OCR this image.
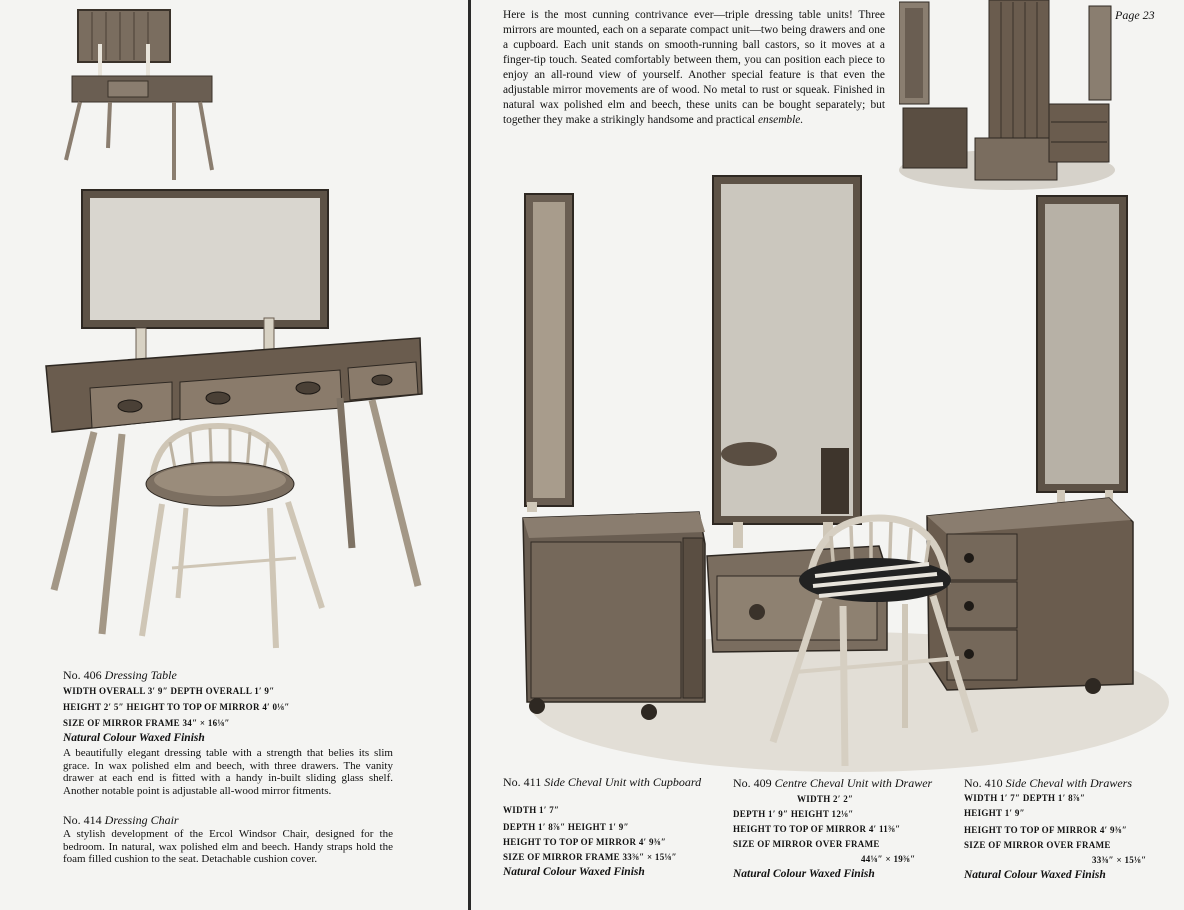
No. 406 Dressing Table

WIDTH OVERALL 3′ 9″ DEPTH OVERALL 1′ 9″

HEIGHT 2′ 5″ HEIGHT TO TOP OF MIRROR 4′ 0⅛″

SIZE OF MIRROR FRAME 34″ × 16⅛″

Natural Colour Waxed Finish

A beautifully elegant dressing table with a strength that belies its slim grace. In wax polished elm and beech, with three drawers. The vanity drawer at each end is fitted with a handy in-built sliding glass shelf. Another notable point is adjustable all-wood mirror fitments.

No. 414 Dressing Chair

A stylish development of the Ercol Windsor Chair, designed for the bedroom. In natural, wax polished elm and beech. Handy straps hold the foam filled cushion to the seat. Detachable cushion cover.

Here is the most cunning contrivance ever—triple dressing table units! Three mirrors are mounted, each on a separate compact unit—two being drawers and one a cupboard. Each unit stands on smooth-running ball castors, so it moves at a finger-tip touch. Seated comfortably between them, you can position each piece to enjoy an all-round view of yourself. Another special feature is that even the adjustable mirror movements are of wood. No metal to rust or squeak. Finished in natural wax polished elm and beech, these units can be bought separately; but together they make a strikingly handsome and practical ensemble.
Page 23
No. 411 Side Cheval Unit with Cupboard
WIDTH 1′ 7″
DEPTH 1′ 8⅞″ HEIGHT 1′ 9″
HEIGHT TO TOP OF MIRROR 4′ 9⅜″
SIZE OF MIRROR FRAME 33⅜″ × 15⅛″
Natural Colour Waxed Finish
No. 409 Centre Cheval Unit with Drawer
WIDTH 2′ 2″
DEPTH 1′ 9″ HEIGHT 12⅛″
HEIGHT TO TOP OF MIRROR 4′ 11⅜″
SIZE OF MIRROR OVER FRAME
44⅛″ × 19⅜″
Natural Colour Waxed Finish
No. 410 Side Cheval with Drawers
WIDTH 1′ 7″ DEPTH 1′ 8⅞″
HEIGHT 1′ 9″
HEIGHT TO TOP OF MIRROR 4′ 9⅜″
SIZE OF MIRROR OVER FRAME
33⅜″ × 15⅛″
Natural Colour Waxed Finish
